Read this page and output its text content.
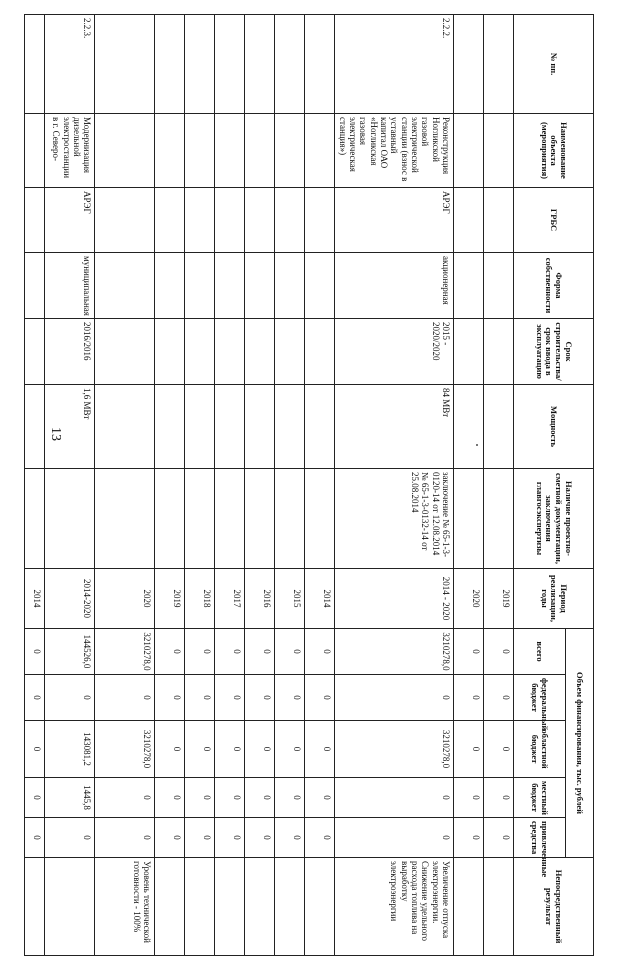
13
№ пп.	Наименование объекта (мероприятия)	ГРБС	Форма собственности	Срок строительства/срок ввода в эксплуатацию	Мощность	Наличие проектно-сметной документации, заключения главгосэкспертизы	Период реализации, годы	Объем финансирования, тыс. рублей					Непосредственный результат
								всего	федеральный бюджет	областной бюджет	местный бюджет	привлеченные средства	
							2019	0	0	0	0	0	
							2020	0	0	0	0	0	
2.2.2.	Реконструкция Ногликской газовой электрической станции (взнос в уставный капитал ОАО «Ногликская газовая электрическая станция»)	АРЭГ	акционерная	2015 - 2020/2020	84 МВт	заключение № 65-1-3-0120-14 от 12.08.2014 № 65-1-3-0132-14 от 25.08.2014	2014 - 2020	3210278,0	0	3210278,0	0	0	Увеличение отпуска электроэнергии. Снижение удельного расхода топлива на выработку электроэнергии
							2014	0	0	0	0	0	
							2015	0	0	0	0	0	
							2016	0	0	0	0	0	
							2017	0	0	0	0	0	
							2018	0	0	0	0	0	
							2019	0	0	0	0	0	
							2020	3210278,0	0	3210278,0	0	0	Уровень технической готовности - 100%
2.2.3.	Модернизация дизельной электростанции в г. Северо-	АРЭГ	муниципальная	2016/2016	1,6 МВт		2014-2020	144526,0	0	143081,2	1445,8	0	
							2014	0	0	0	0	0	
